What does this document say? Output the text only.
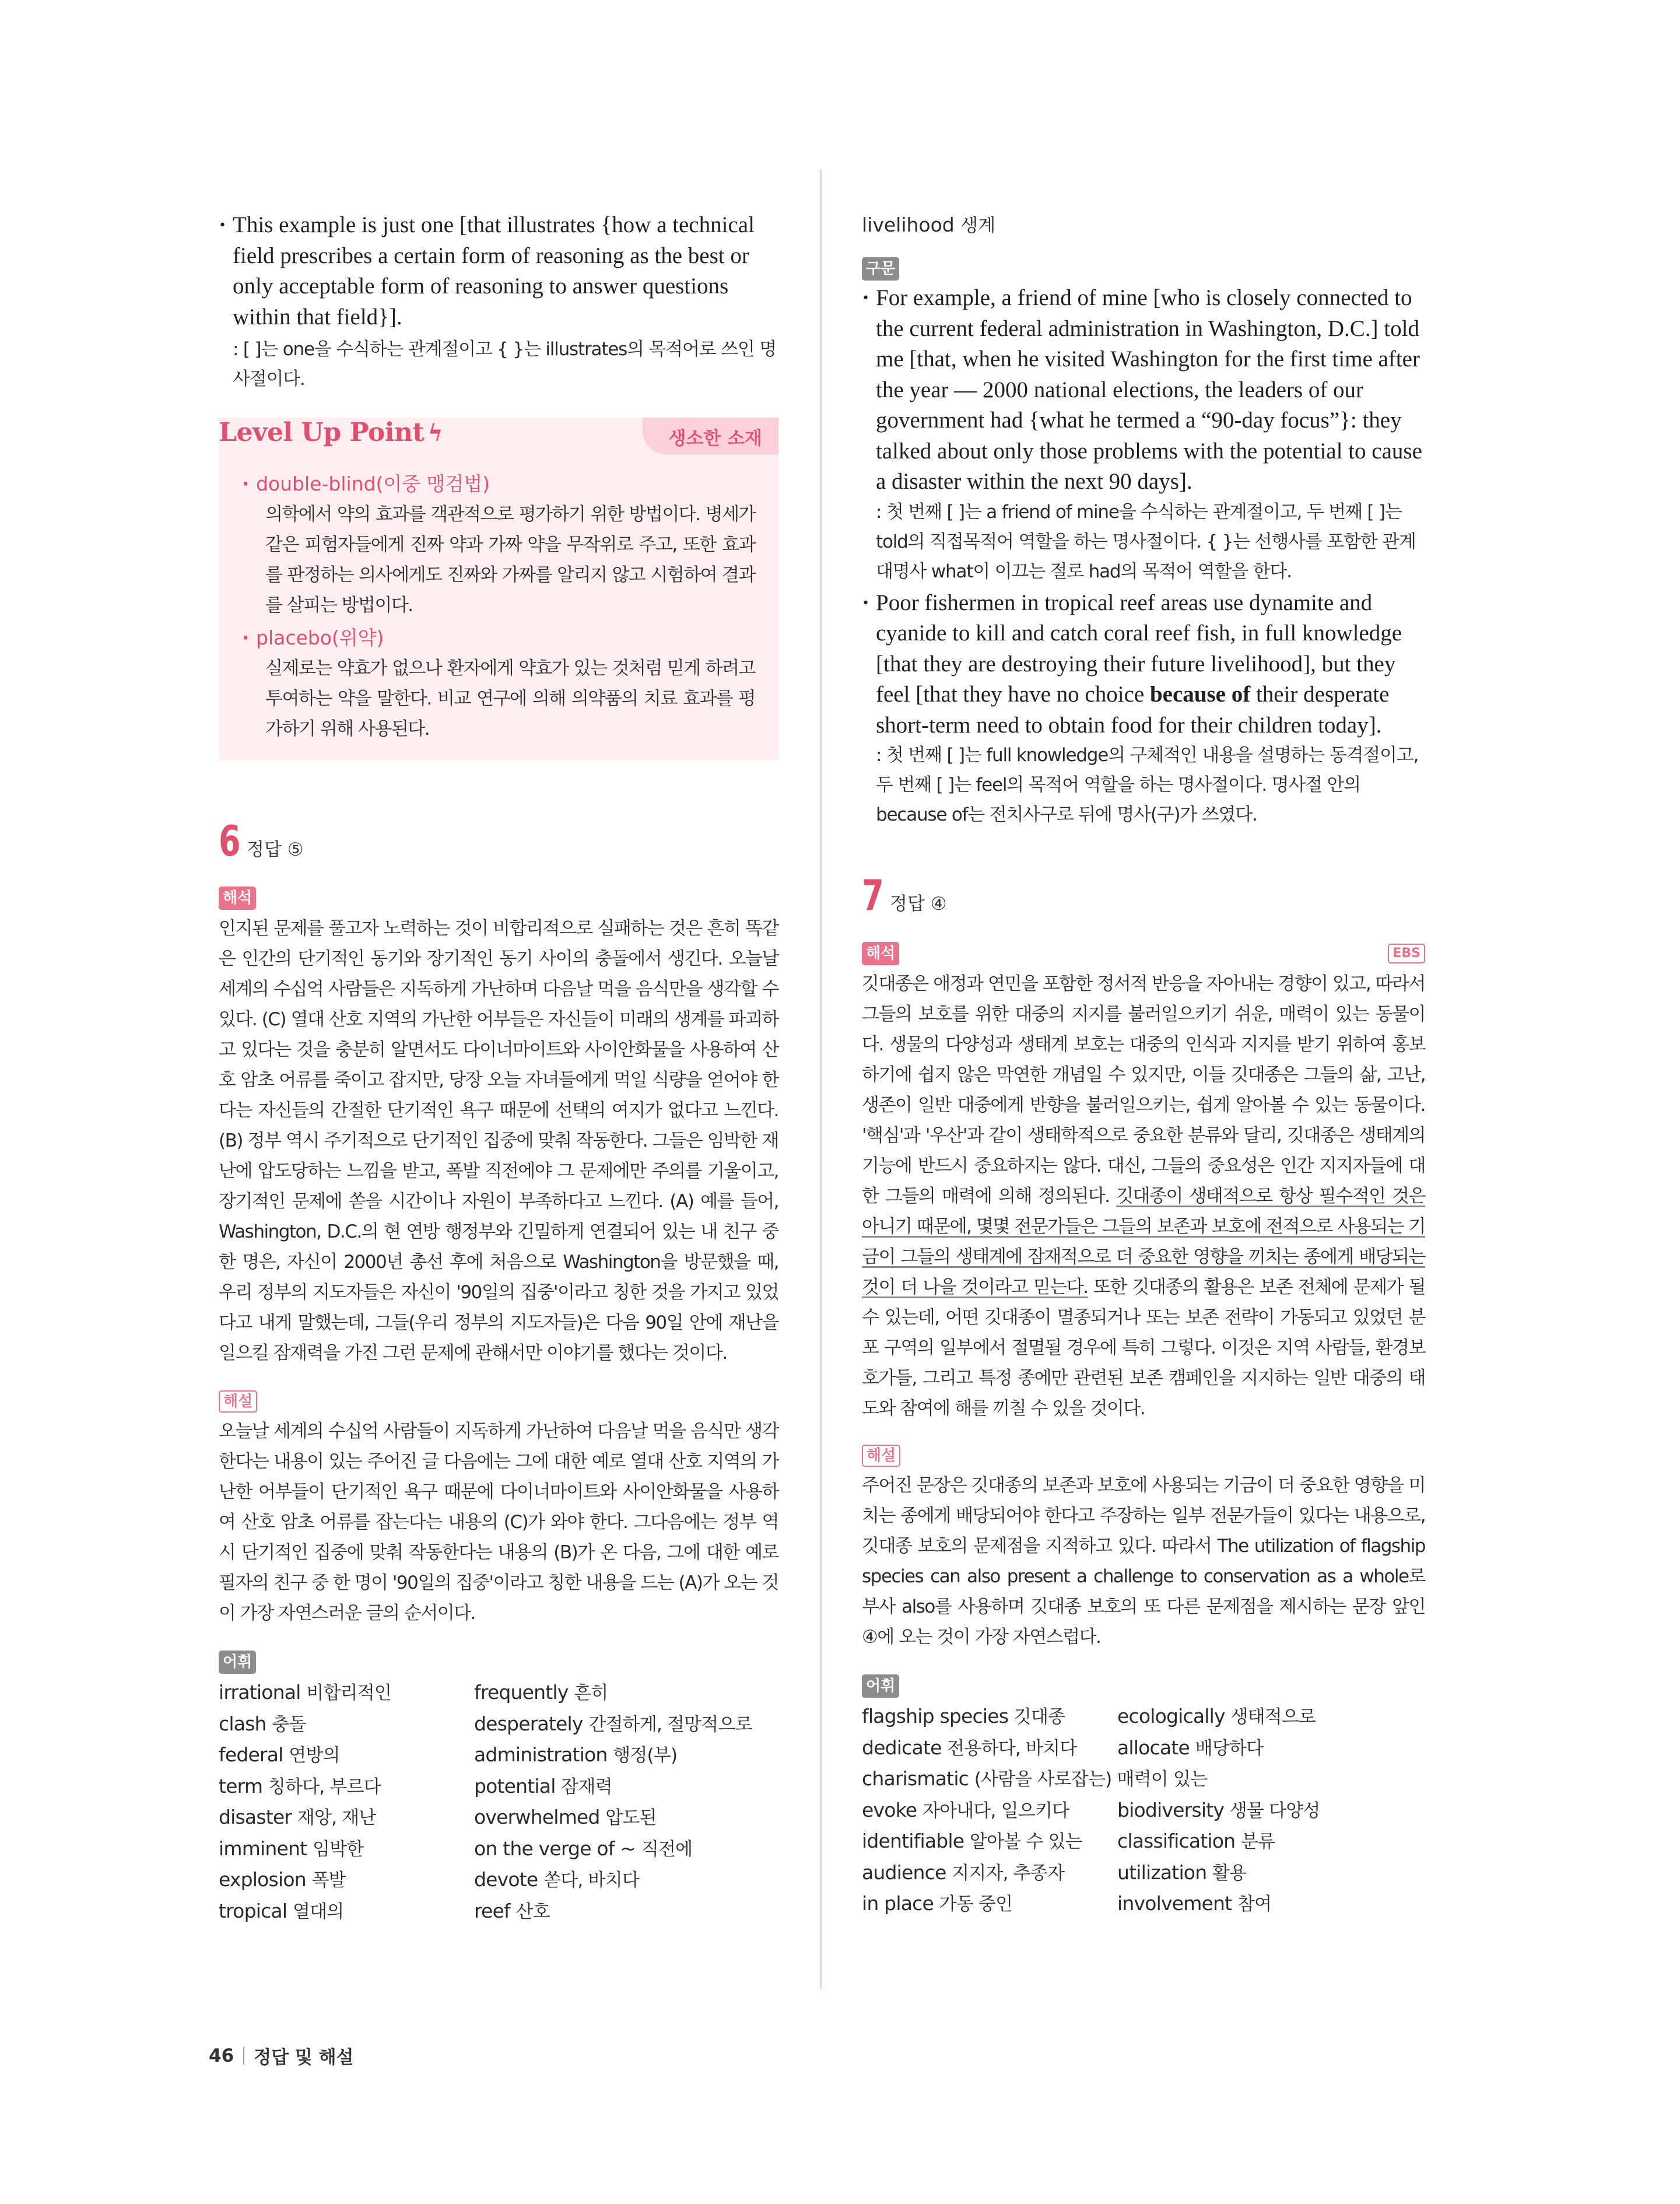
· This example is just one [that illustrates {how a technical field prescribes a certain form of reasoning as the best or only acceptable form of reasoning to answer questions within that field}].
: [ ]는 one을 수식하는 관계절이고 { }는 illustrates의 목적어로 쓰인 명사절이다.
Level Up Point ϟ	생소한 소재
· double-blind(이중 맹검법)
의학에서 약의 효과를 객관적으로 평가하기 위한 방법이다. 병세가 같은 피험자들에게 진짜 약과 가짜 약을 무작위로 주고, 또한 효과를 판정하는 의사에게도 진짜와 가짜를 알리지 않고 시험하여 결과를 살피는 방법이다.
· placebo(위약)
실제로는 약효가 없으나 환자에게 약효가 있는 것처럼 믿게 하려고 투여하는 약을 말한다. 비교 연구에 의해 의약품의 치료 효과를 평가하기 위해 사용된다.
6 정답 ⑤
해석
인지된 문제를 풀고자 노력하는 것이 비합리적으로 실패하는 것은 흔히 똑같은 인간의 단기적인 동기와 장기적인 동기 사이의 충돌에서 생긴다. 오늘날 세계의 수십억 사람들은 지독하게 가난하며 다음날 먹을 음식만을 생각할 수 있다. (C) 열대 산호 지역의 가난한 어부들은 자신들이 미래의 생계를 파괴하고 있다는 것을 충분히 알면서도 다이너마이트와 사이안화물을 사용하여 산호 암초 어류를 죽이고 잡지만, 당장 오늘 자녀들에게 먹일 식량을 얻어야 한다는 자신들의 간절한 단기적인 욕구 때문에 선택의 여지가 없다고 느낀다. (B) 정부 역시 주기적으로 단기적인 집중에 맞춰 작동한다. 그들은 임박한 재난에 압도당하는 느낌을 받고, 폭발 직전에야 그 문제에만 주의를 기울이고, 장기적인 문제에 쏟을 시간이나 자원이 부족하다고 느낀다. (A) 예를 들어, Washington, D.C.의 현 연방 행정부와 긴밀하게 연결되어 있는 내 친구 중 한 명은, 자신이 2000년 총선 후에 처음으로 Washington을 방문했을 때, 우리 정부의 지도자들은 자신이 '90일의 집중'이라고 칭한 것을 가지고 있었다고 내게 말했는데, 그들(우리 정부의 지도자들)은 다음 90일 안에 재난을 일으킬 잠재력을 가진 그런 문제에 관해서만 이야기를 했다는 것이다.
해설
오늘날 세계의 수십억 사람들이 지독하게 가난하여 다음날 먹을 음식만 생각한다는 내용이 있는 주어진 글 다음에는 그에 대한 예로 열대 산호 지역의 가난한 어부들이 단기적인 욕구 때문에 다이너마이트와 사이안화물을 사용하여 산호 암초 어류를 잡는다는 내용의 (C)가 와야 한다. 그다음에는 정부 역시 단기적인 집중에 맞춰 작동한다는 내용의 (B)가 온 다음, 그에 대한 예로 필자의 친구 중 한 명이 '90일의 집중'이라고 칭한 내용을 드는 (A)가 오는 것이 가장 자연스러운 글의 순서이다.
어휘
irrational 비합리적인	frequently 흔히
clash 충돌	desperately 간절하게, 절망적으로
federal 연방의	administration 행정(부)
term 칭하다, 부르다	potential 잠재력
disaster 재앙, 재난	overwhelmed 압도된
imminent 임박한	on the verge of ~ 직전에
explosion 폭발	devote 쏟다, 바치다
tropical 열대의	reef 산호
livelihood 생계
구문
· For example, a friend of mine [who is closely connected to the current federal administration in Washington, D.C.] told me [that, when he visited Washington for the first time after the year — 2000 national elections, the leaders of our government had {what he termed a “90-day focus”}: they talked about only those problems with the potential to cause a disaster within the next 90 days].
: 첫 번째 [ ]는 a friend of mine을 수식하는 관계절이고, 두 번째 [ ]는 told의 직접목적어 역할을 하는 명사절이다. { }는 선행사를 포함한 관계대명사 what이 이끄는 절로 had의 목적어 역할을 한다.
· Poor fishermen in tropical reef areas use dynamite and cyanide to kill and catch coral reef fish, in full knowledge [that they are destroying their future livelihood], but they feel [that they have no choice because of their desperate short-term need to obtain food for their children today].
: 첫 번째 [ ]는 full knowledge의 구체적인 내용을 설명하는 동격절이고, 두 번째 [ ]는 feel의 목적어 역할을 하는 명사절이다. 명사절 안의 because of는 전치사구로 뒤에 명사(구)가 쓰였다.
7 정답 ④
해석	EBS
깃대종은 애정과 연민을 포함한 정서적 반응을 자아내는 경향이 있고, 따라서 그들의 보호를 위한 대중의 지지를 불러일으키기 쉬운, 매력이 있는 동물이다. 생물의 다양성과 생태계 보호는 대중의 인식과 지지를 받기 위하여 홍보하기에 쉽지 않은 막연한 개념일 수 있지만, 이들 깃대종은 그들의 삶, 고난, 생존이 일반 대중에게 반향을 불러일으키는, 쉽게 알아볼 수 있는 동물이다. '핵심'과 '우산'과 같이 생태학적으로 중요한 분류와 달리, 깃대종은 생태계의 기능에 반드시 중요하지는 않다. 대신, 그들의 중요성은 인간 지지자들에 대한 그들의 매력에 의해 정의된다. 깃대종이 생태적으로 항상 필수적인 것은 아니기 때문에, 몇몇 전문가들은 그들의 보존과 보호에 전적으로 사용되는 기금이 그들의 생태계에 잠재적으로 더 중요한 영향을 끼치는 종에게 배당되는 것이 더 나을 것이라고 믿는다. 또한 깃대종의 활용은 보존 전체에 문제가 될 수 있는데, 어떤 깃대종이 멸종되거나 또는 보존 전략이 가동되고 있었던 분포 구역의 일부에서 절멸될 경우에 특히 그렇다. 이것은 지역 사람들, 환경보호가들, 그리고 특정 종에만 관련된 보존 캠페인을 지지하는 일반 대중의 태도와 참여에 해를 끼칠 수 있을 것이다.
해설
주어진 문장은 깃대종의 보존과 보호에 사용되는 기금이 더 중요한 영향을 미치는 종에게 배당되어야 한다고 주장하는 일부 전문가들이 있다는 내용으로, 깃대종 보호의 문제점을 지적하고 있다. 따라서 The utilization of flagship species can also present a challenge to conservation as a whole로 부사 also를 사용하며 깃대종 보호의 또 다른 문제점을 제시하는 문장 앞인 ④에 오는 것이 가장 자연스럽다.
어휘
flagship species 깃대종	ecologically 생태적으로
dedicate 전용하다, 바치다	allocate 배당하다
charismatic (사람을 사로잡는) 매력이 있는
evoke 자아내다, 일으키다	biodiversity 생물 다양성
identifiable 알아볼 수 있는	classification 분류
audience 지지자, 추종자	utilization 활용
in place 가동 중인	involvement 참여
46 정답 및 해설
